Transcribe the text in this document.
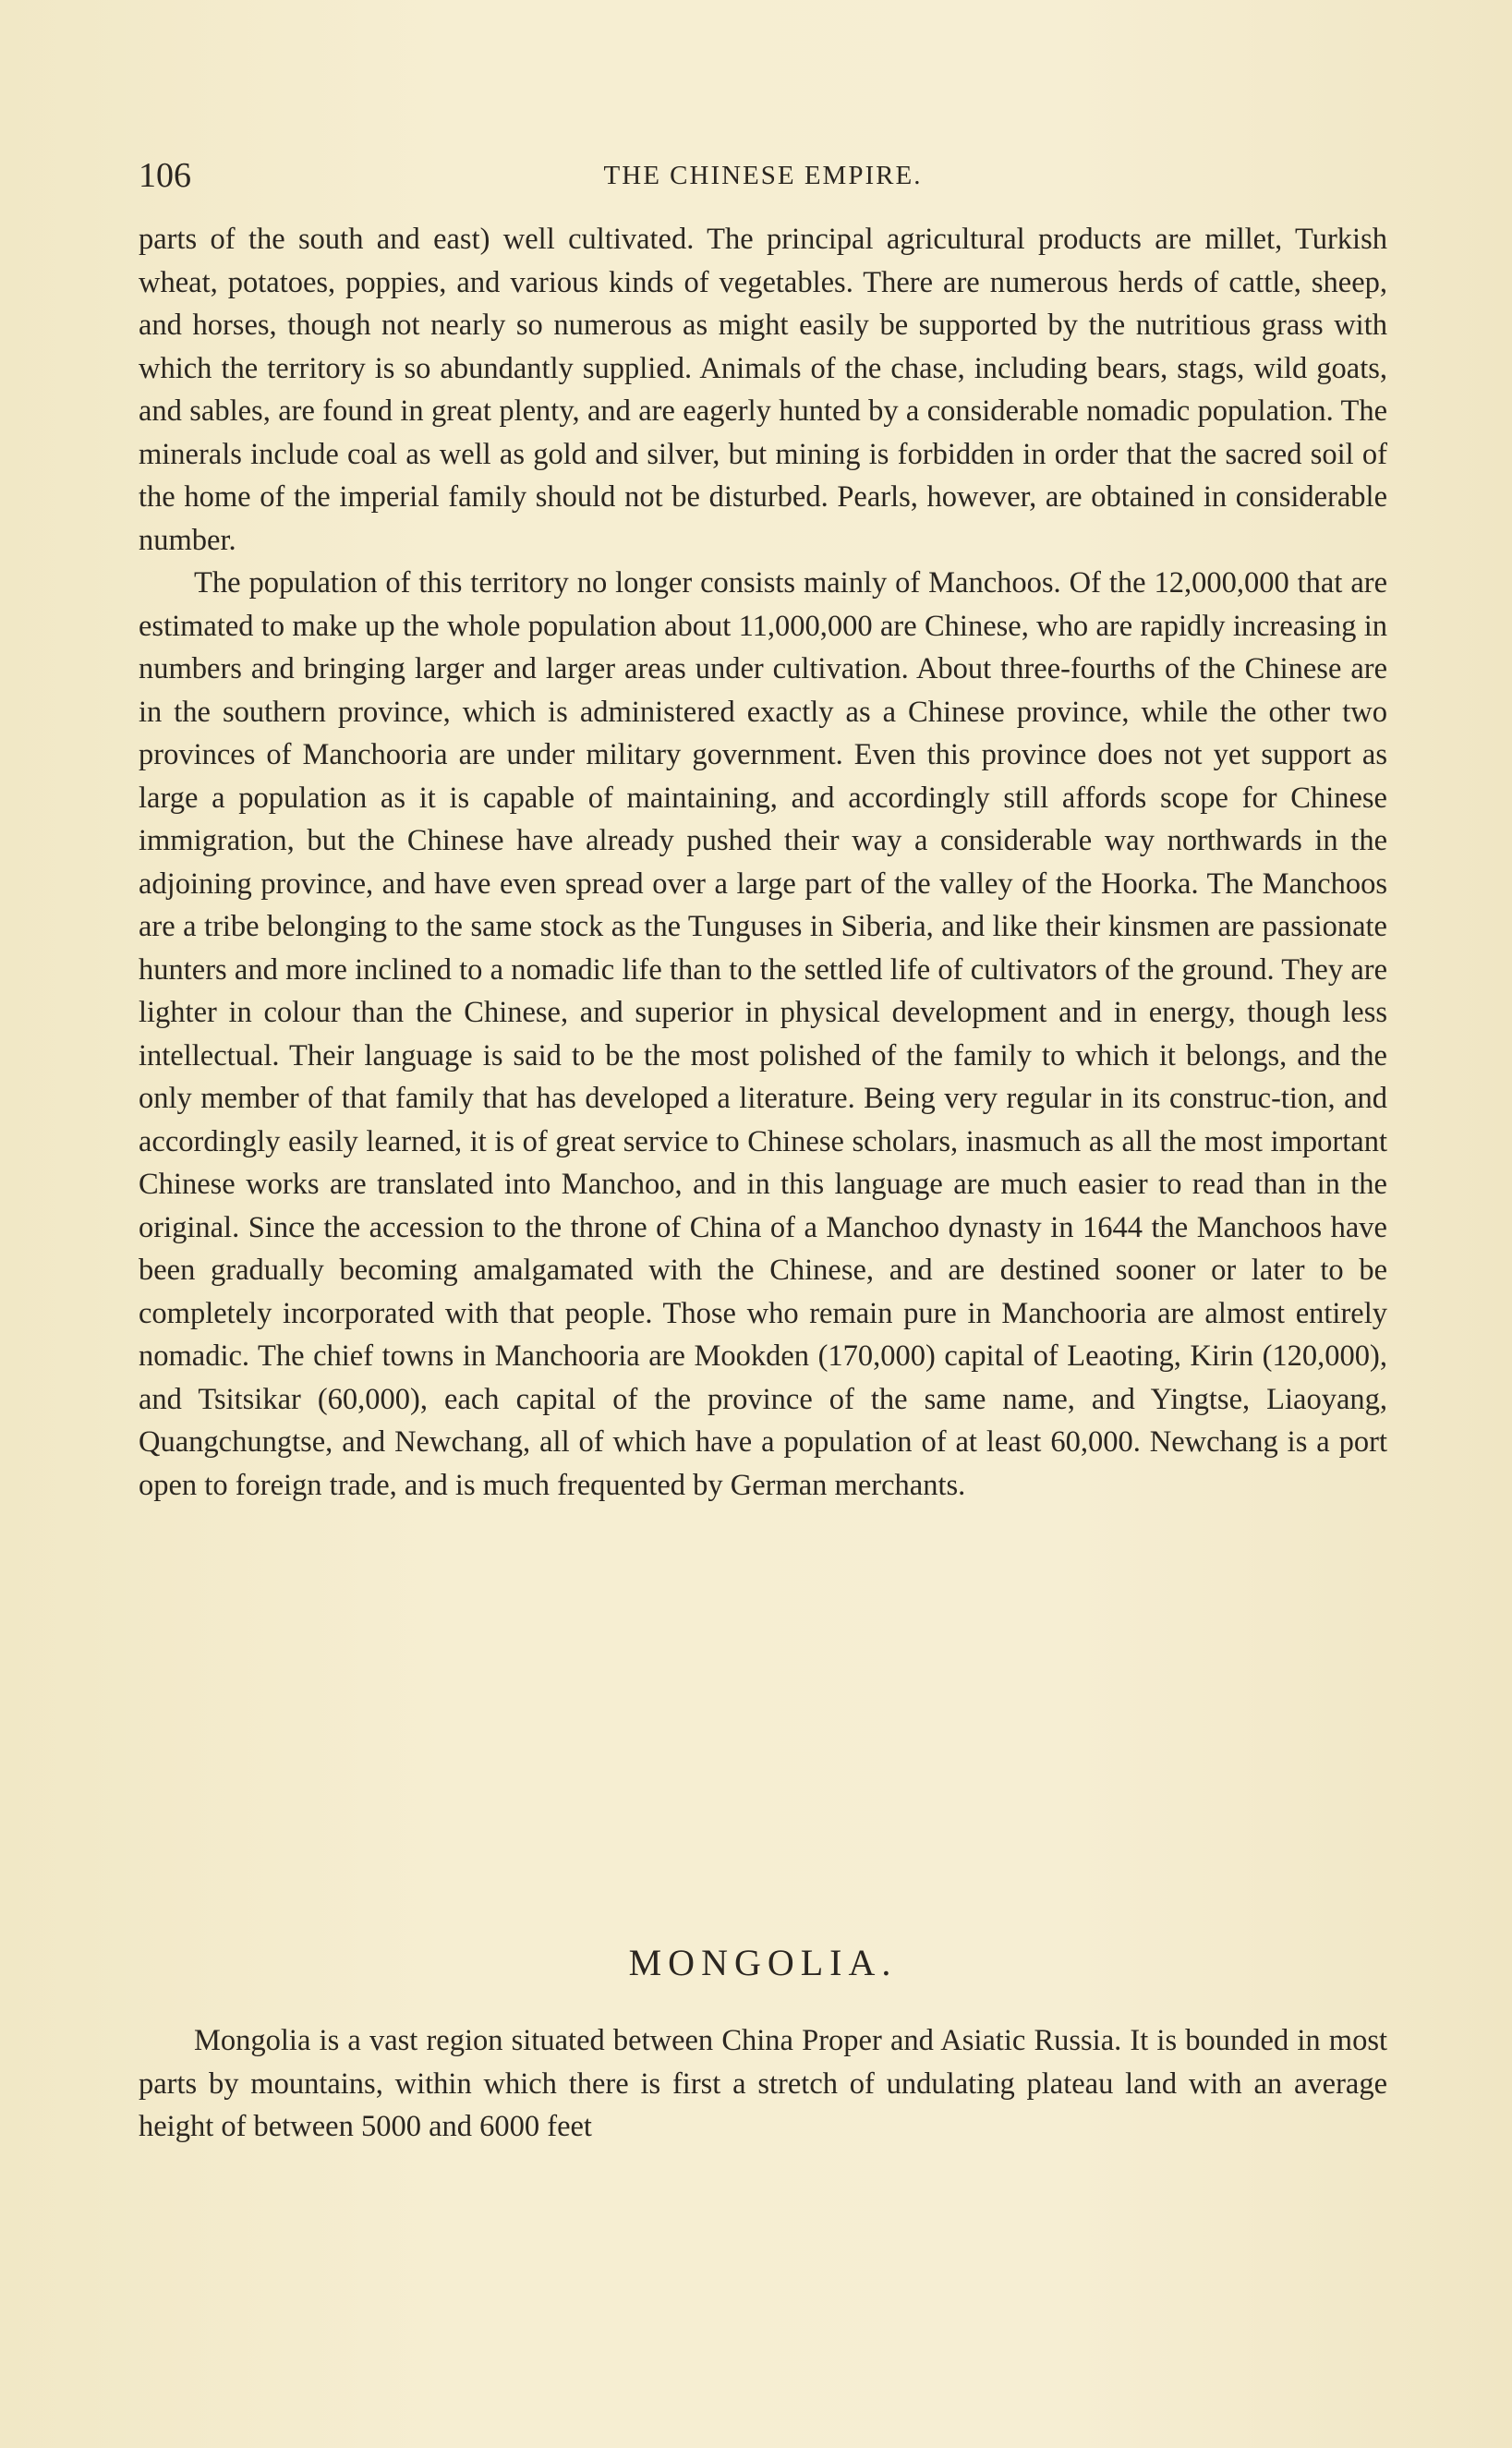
106	THE CHINESE EMPIRE.

parts of the south and east) well cultivated. The principal agricultural products are millet, Turkish wheat, potatoes, poppies, and various kinds of vegetables. There are numerous herds of cattle, sheep, and horses, though not nearly so numerous as might easily be supported by the nutritious grass with which the territory is so abundantly supplied. Animals of the chase, including bears, stags, wild goats, and sables, are found in great plenty, and are eagerly hunted by a considerable nomadic population. The minerals include coal as well as gold and silver, but mining is forbidden in order that the sacred soil of the home of the imperial family should not be disturbed. Pearls, however, are obtained in considerable number.

The population of this territory no longer consists mainly of Manchoos. Of the 12,000,000 that are estimated to make up the whole population about 11,000,000 are Chinese, who are rapidly increasing in numbers and bringing larger and larger areas under cultivation. About three-fourths of the Chinese are in the southern province, which is administered exactly as a Chinese province, while the other two provinces of Manchooria are under military government. Even this province does not yet support as large a population as it is capable of maintaining, and accordingly still affords scope for Chinese immigration, but the Chinese have already pushed their way a considerable way northwards in the adjoining province, and have even spread over a large part of the valley of the Hoorka. The Manchoos are a tribe belonging to the same stock as the Tunguses in Siberia, and like their kinsmen are passionate hunters and more inclined to a nomadic life than to the settled life of cultivators of the ground. They are lighter in colour than the Chinese, and superior in physical development and in energy, though less intellectual. Their language is said to be the most polished of the family to which it belongs, and the only member of that family that has developed a literature. Being very regular in its construc-tion, and accordingly easily learned, it is of great service to Chinese scholars, inasmuch as all the most important Chinese works are translated into Manchoo, and in this language are much easier to read than in the original. Since the accession to the throne of China of a Manchoo dynasty in 1644 the Manchoos have been gradually becoming amalgamated with the Chinese, and are destined sooner or later to be completely incorporated with that people. Those who remain pure in Manchooria are almost entirely nomadic. The chief towns in Manchooria are Mookden (170,000) capital of Leaoting, Kirin (120,000), and Tsitsikar (60,000), each capital of the province of the same name, and Yingtse, Liaoyang, Quangchungtse, and Newchang, all of which have a population of at least 60,000. Newchang is a port open to foreign trade, and is much frequented by German merchants.

MONGOLIA.

Mongolia is a vast region situated between China Proper and Asiatic Russia. It is bounded in most parts by mountains, within which there is first a stretch of undulating plateau land with an average height of between 5000 and 6000 feet
